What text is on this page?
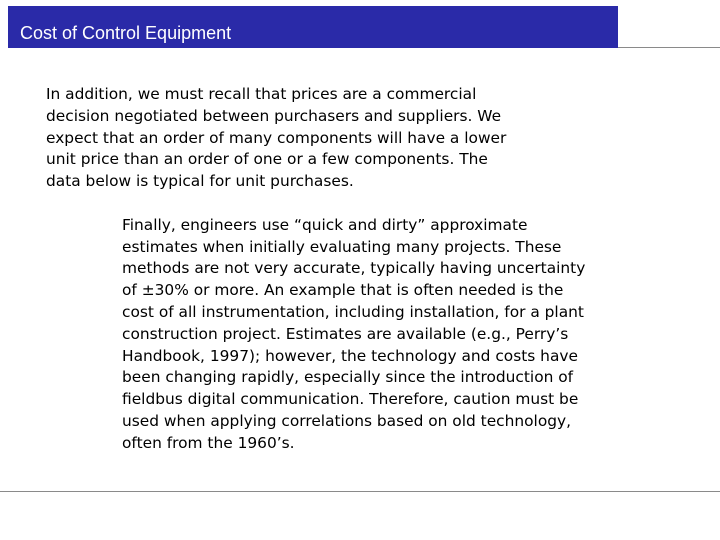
Cost of Control Equipment

In addition, we must recall that prices are a commercial
decision negotiated between purchasers and suppliers. We
expect that an order of many components will have a lower
unit price than an order of one or a few components. The
data below is typical for unit purchases.

Finally, engineers use “quick and dirty” approximate
estimates when initially evaluating many projects. These
methods are not very accurate, typically having uncertainty
of ±30% or more. An example that is often needed is the
cost of all instrumentation, including installation, for a plant
construction project. Estimates are available (e.g., Perry’s
Handbook, 1997); however, the technology and costs have
been changing rapidly, especially since the introduction of
fieldbus digital communication. Therefore, caution must be
used when applying correlations based on old technology,
often from the 1960’s.
